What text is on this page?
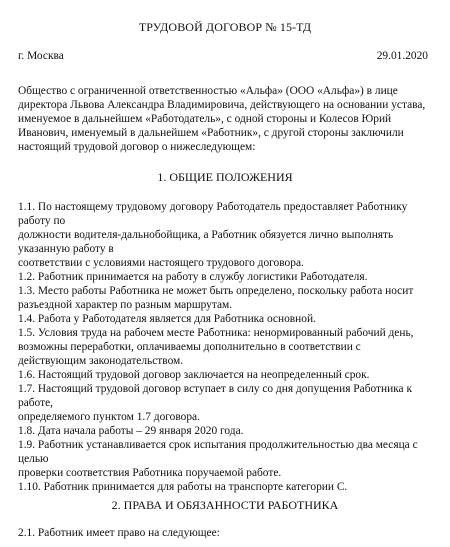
ТРУДОВОЙ ДОГОВОР № 15-ТД
г. Москва	29.01.2020
Общество с ограниченной ответственностью «Альфа» (ООО «Альфа») в лице
директора Львова Александра Владимировича, действующего на основании устава,
именуемое в дальнейшем «Работодатель», с одной стороны и Колесов Юрий
Иванович, именуемый в дальнейшем «Работник», с другой стороны заключили
настоящий трудовой договор о нижеследующем:
1. ОБЩИЕ ПОЛОЖЕНИЯ
1.1. По настоящему трудовому договору Работодатель предоставляет Работнику
работу по
должности водителя-дальнобойщика, а Работник обязуется лично выполнять
указанную работу в
соответствии с условиями настоящего трудового договора.
1.2. Работник принимается на работу в службу логистики Работодателя.
1.3. Место работы Работника не может быть определено, поскольку работа носит
разъездной характер по разным маршрутам.
1.4. Работа у Работодателя является для Работника основной.
1.5. Условия труда на рабочем месте Работника: ненормированный рабочий день,
возможны переработки, оплачиваемы дополнительно в соответствии с
действующим законодательством.
1.6. Настоящий трудовой договор заключается на неопределенный срок.
1.7. Настоящий трудовой договор вступает в силу со дня допущения Работника к
работе,
определяемого пунктом 1.7 договора.
1.8. Дата начала работы – 29 января 2020 года.
1.9. Работник устанавливается срок испытания продолжительностью два месяца с
целью
проверки соответствия Работника поручаемой работе.
1.10. Работник принимается для работы на транспорте категории С.
2. ПРАВА И ОБЯЗАННОСТИ РАБОТНИКА
2.1. Работник имеет право на следующее:
